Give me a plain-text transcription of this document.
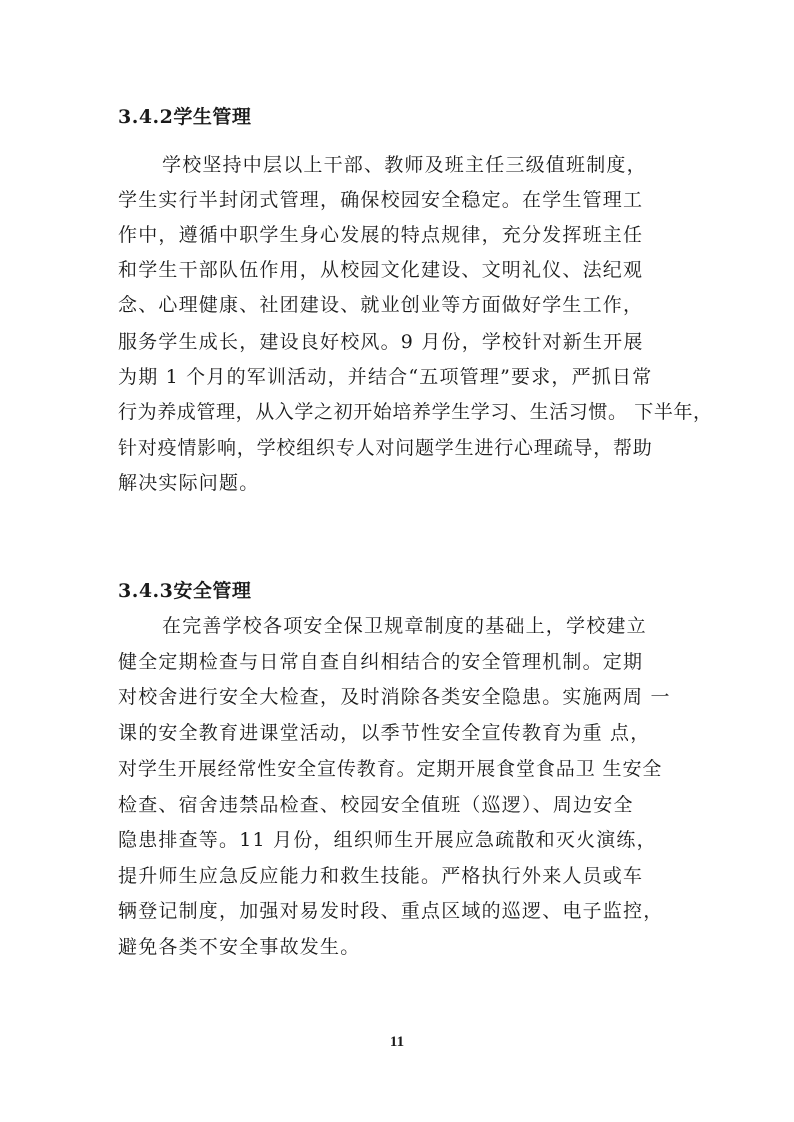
3.4.2学生管理
学校坚持中层以上干部、教师及班主任三级值班制度，
学生实行半封闭式管理，确保校园安全稳定。在学生管理工
作中，遵循中职学生身心发展的特点规律，充分发挥班主任
和学生干部队伍作用，从校园文化建设、文明礼仪、法纪观
念、心理健康、社团建设、就业创业等方面做好学生工作，
服务学生成长，建设良好校风。9 月份，学校针对新生开展
为期 1 个月的军训活动，并结合“五项管理”要求，严抓日常
行为养成管理，从入学之初开始培养学生学习、生活习惯。 下半年，
针对疫情影响，学校组织专人对问题学生进行心理疏导，帮助
解决实际问题。
3.4.3安全管理
在完善学校各项安全保卫规章制度的基础上，学校建立
健全定期检查与日常自查自纠相结合的安全管理机制。定期
对校舍进行安全大检查，及时消除各类安全隐患。实施两周 一
课的安全教育进课堂活动，以季节性安全宣传教育为重 点，
对学生开展经常性安全宣传教育。定期开展食堂食品卫 生安全
检查、宿舍违禁品检查、校园安全值班（巡逻）、周边安全
隐患排查等。11 月份，组织师生开展应急疏散和灭火演练，
提升师生应急反应能力和救生技能。严格执行外来人员或车
辆登记制度，加强对易发时段、重点区域的巡逻、电子监控，
避免各类不安全事故发生。
11
